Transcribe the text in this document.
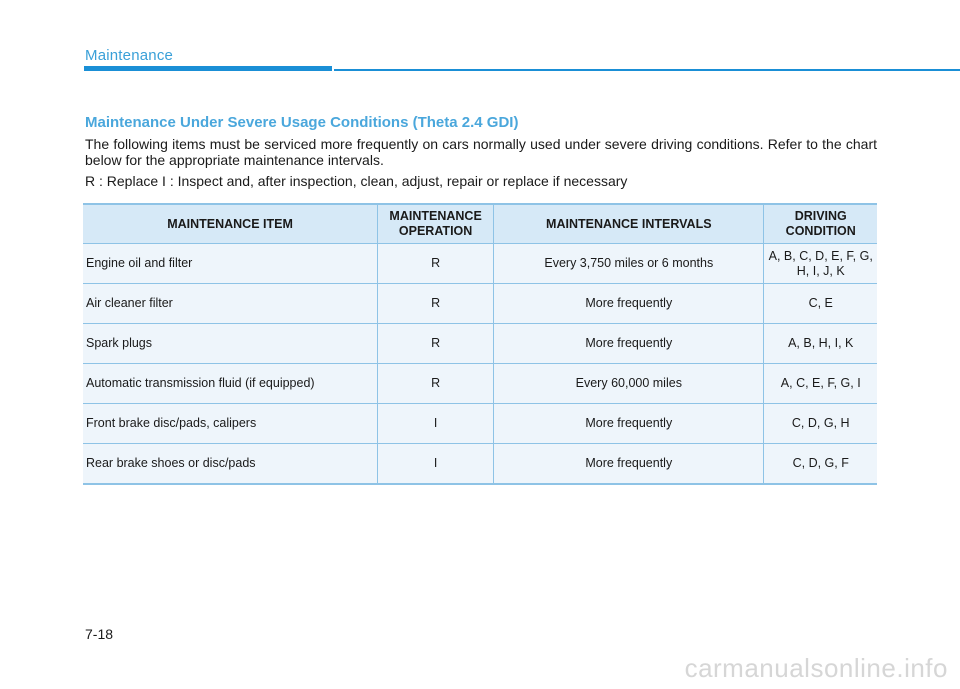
Maintenance
Maintenance Under Severe Usage Conditions (Theta 2.4 GDI)
The following items must be serviced more frequently on cars normally used under severe driving conditions. Refer to the chart below for the appropriate maintenance intervals.
R : Replace I : Inspect and, after inspection, clean, adjust, repair or replace if necessary
MAINTENANCE ITEM	MAINTENANCE OPERATION	MAINTENANCE INTERVALS	DRIVING CONDITION
Engine oil and filter	R	Every 3,750 miles or 6 months	A, B, C, D, E, F, G, H, I, J, K
Air cleaner filter	R	More frequently	C, E
Spark plugs	R	More frequently	A, B, H, I, K
Automatic transmission fluid (if equipped)	R	Every 60,000 miles	A, C, E, F, G, I
Front brake disc/pads, calipers	I	More frequently	C, D, G, H
Rear brake shoes or disc/pads	I	More frequently	C, D, G, F
7-18
carmanualsonline.info
